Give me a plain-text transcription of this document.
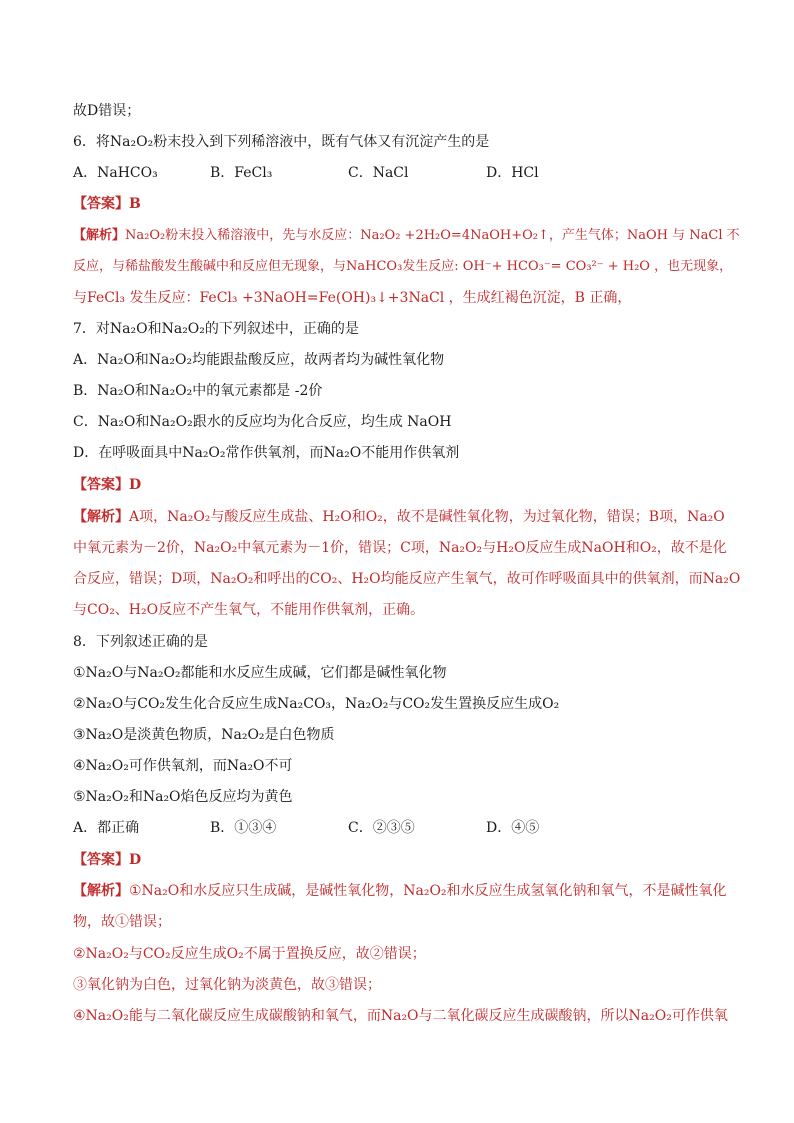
故D错误；
6．将Na₂O₂粉末投入到下列稀溶液中，既有气体又有沉淀产生的是
A．NaHCO₃	B．FeCl₃	C．NaCl	D．HCl
【答案】B
【解析】Na₂O₂粉末投入稀溶液中，先与水反应：Na₂O₂ +2H₂O=4NaOH+O₂↑，产生气体；NaOH 与 NaCl 不
反应，与稀盐酸发生酸碱中和反应但无现象，与NaHCO₃发生反应: OH⁻+ HCO₃⁻= CO₃²⁻ + H₂O ，也无现象，
与FeCl₃ 发生反应：FeCl₃ +3NaOH=Fe(OH)₃↓+3NaCl ，生成红褐色沉淀，B 正确，
7．对Na₂O和Na₂O₂的下列叙述中，正确的是
A．Na₂O和Na₂O₂均能跟盐酸反应，故两者均为碱性氧化物
B．Na₂O和Na₂O₂中的氧元素都是 -2价
C．Na₂O和Na₂O₂跟水的反应均为化合反应，均生成 NaOH
D．在呼吸面具中Na₂O₂常作供氧剂，而Na₂O不能用作供氧剂
【答案】D
【解析】A项，Na₂O₂与酸反应生成盐、H₂O和O₂，故不是碱性氧化物，为过氧化物，错误；B项，Na₂O
中氧元素为－2价，Na₂O₂中氧元素为－1价，错误；C项，Na₂O₂与H₂O反应生成NaOH和O₂，故不是化
合反应，错误；D项，Na₂O₂和呼出的CO₂、H₂O均能反应产生氧气，故可作呼吸面具中的供氧剂，而Na₂O
与CO₂、H₂O反应不产生氧气，不能用作供氧剂，正确。
8．下列叙述正确的是
①Na₂O与Na₂O₂都能和水反应生成碱，它们都是碱性氧化物
②Na₂O与CO₂发生化合反应生成Na₂CO₃，Na₂O₂与CO₂发生置换反应生成O₂
③Na₂O是淡黄色物质，Na₂O₂是白色物质
④Na₂O₂可作供氧剂，而Na₂O不可
⑤Na₂O₂和Na₂O焰色反应均为黄色
A．都正确	B．①③④	C．②③⑤	D．④⑤
【答案】D
【解析】①Na₂O和水反应只生成碱，是碱性氧化物，Na₂O₂和水反应生成氢氧化钠和氧气，不是碱性氧化
物，故①错误；
②Na₂O₂与CO₂反应生成O₂不属于置换反应，故②错误；
③氧化钠为白色，过氧化钠为淡黄色，故③错误；
④Na₂O₂能与二氧化碳反应生成碳酸钠和氧气，而Na₂O与二氧化碳反应生成碳酸钠，所以Na₂O₂可作供氧
